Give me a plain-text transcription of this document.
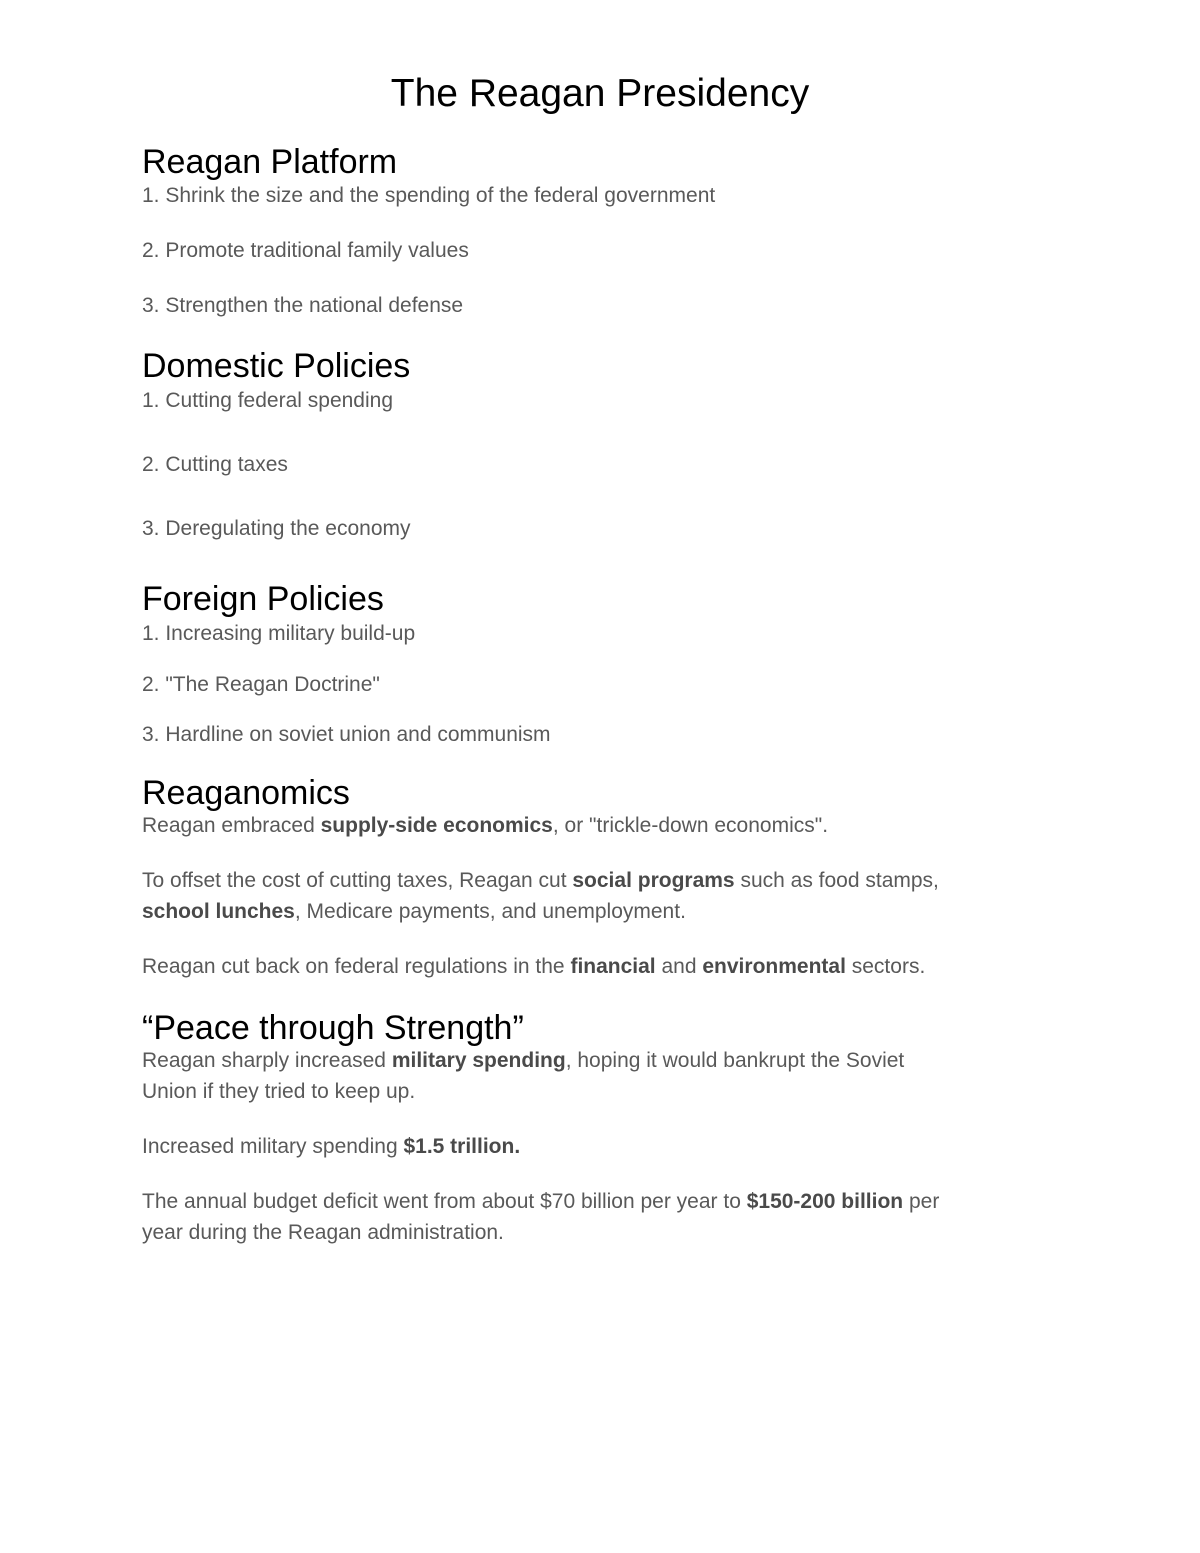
The Reagan Presidency
Reagan Platform

1. Shrink the size and the spending of the federal government

2. Promote traditional family values

3. Strengthen the national defense

Domestic Policies

1. Cutting federal spending

2. Cutting taxes

3. Deregulating the economy

Foreign Policies

1. Increasing military build-up

2. "The Reagan Doctrine"

3. Hardline on soviet union and communism

Reaganomics

Reagan embraced supply-side economics, or "trickle-down economics".

To offset the cost of cutting taxes, Reagan cut social programs such as food stamps,

school lunches, Medicare payments, and unemployment.

Reagan cut back on federal regulations in the financial and environmental sectors.

“Peace through Strength”

Reagan sharply increased military spending, hoping it would bankrupt the Soviet

Union if they tried to keep up.

Increased military spending $1.5 trillion.

The annual budget deficit went from about $70 billion per year to $150-200 billion per

year during the Reagan administration.
